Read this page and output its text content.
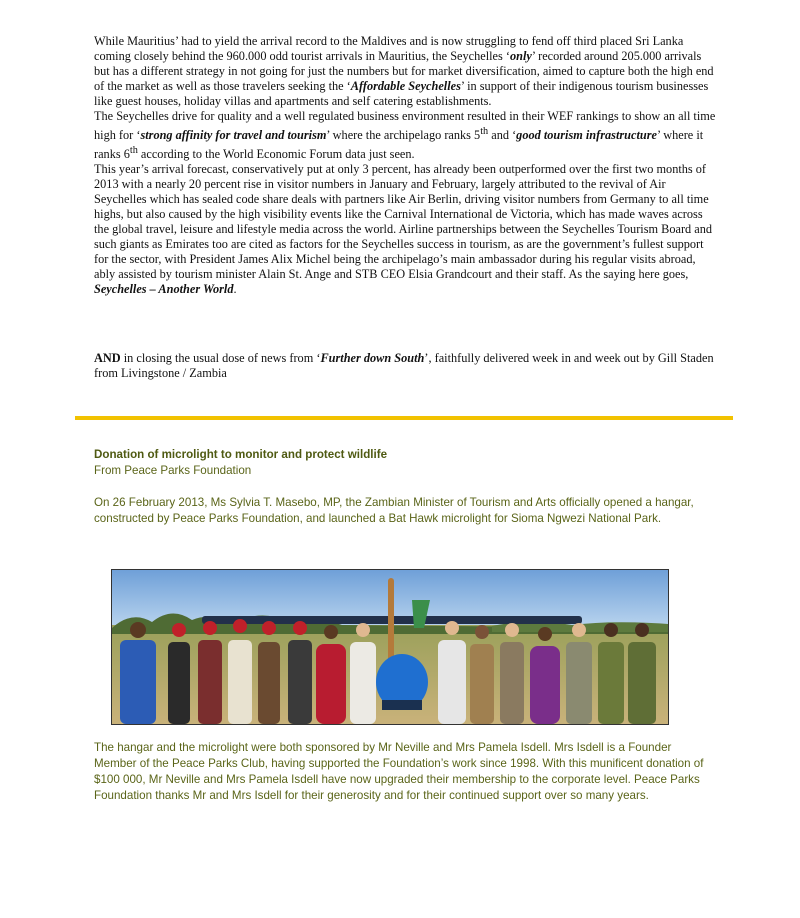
While Mauritius’ had to yield the arrival record to the Maldives and is now struggling to fend off third placed Sri Lanka coming closely behind the 960.000 odd tourist arrivals in Mauritius, the Seychelles ‘only’ recorded around 205.000 arrivals but has a different strategy in not going for just the numbers but for market diversification, aimed to capture both the high end of the market as well as those travelers seeking the ‘Affordable Seychelles’ in support of their indigenous tourism businesses like guest houses, holiday villas and apartments and self catering establishments.

The Seychelles drive for quality and a well regulated business environment resulted in their WEF rankings to show an all time high for ‘strong affinity for travel and tourism’ where the archipelago ranks 5th and ‘good tourism infrastructure’ where it ranks 6th according to the World Economic Forum data just seen.

This year’s arrival forecast, conservatively put at only 3 percent, has already been outperformed over the first two months of 2013 with a nearly 20 percent rise in visitor numbers in January and February, largely attributed to the revival of Air Seychelles which has sealed code share deals with partners like Air Berlin, driving visitor numbers from Germany to all time highs, but also caused by the high visibility events like the Carnival International de Victoria, which has made waves across the global travel, leisure and lifestyle media across the world. Airline partnerships between the Seychelles Tourism Board and such giants as Emirates too are cited as factors for the Seychelles success in tourism, as are the government’s fullest support for the sector, with President James Alix Michel being the archipelago’s main ambassador during his regular visits abroad, ably assisted by tourism minister Alain St. Ange and STB CEO Elsia Grandcourt and their staff. As the saying here goes, Seychelles – Another World.

AND in closing the usual dose of news from ‘Further down South’, faithfully delivered week in and week out by Gill Staden from Livingstone / Zambia

Donation of microlight to monitor and protect wildlife

From Peace Parks Foundation

On 26 February 2013, Ms Sylvia T. Masebo, MP, the Zambian Minister of Tourism and Arts officially opened a hangar, constructed by Peace Parks Foundation, and launched a Bat Hawk microlight for Sioma Ngwezi National Park.

The hangar and the microlight were both sponsored by Mr Neville and Mrs Pamela Isdell. Mrs Isdell is a Founder Member of the Peace Parks Club, having supported the Foundation’s work since 1998. With this munificent donation of $100 000, Mr Neville and Mrs Pamela Isdell have now upgraded their membership to the corporate level. Peace Parks Foundation thanks Mr and Mrs Isdell for their generosity and for their continued support over so many years.
